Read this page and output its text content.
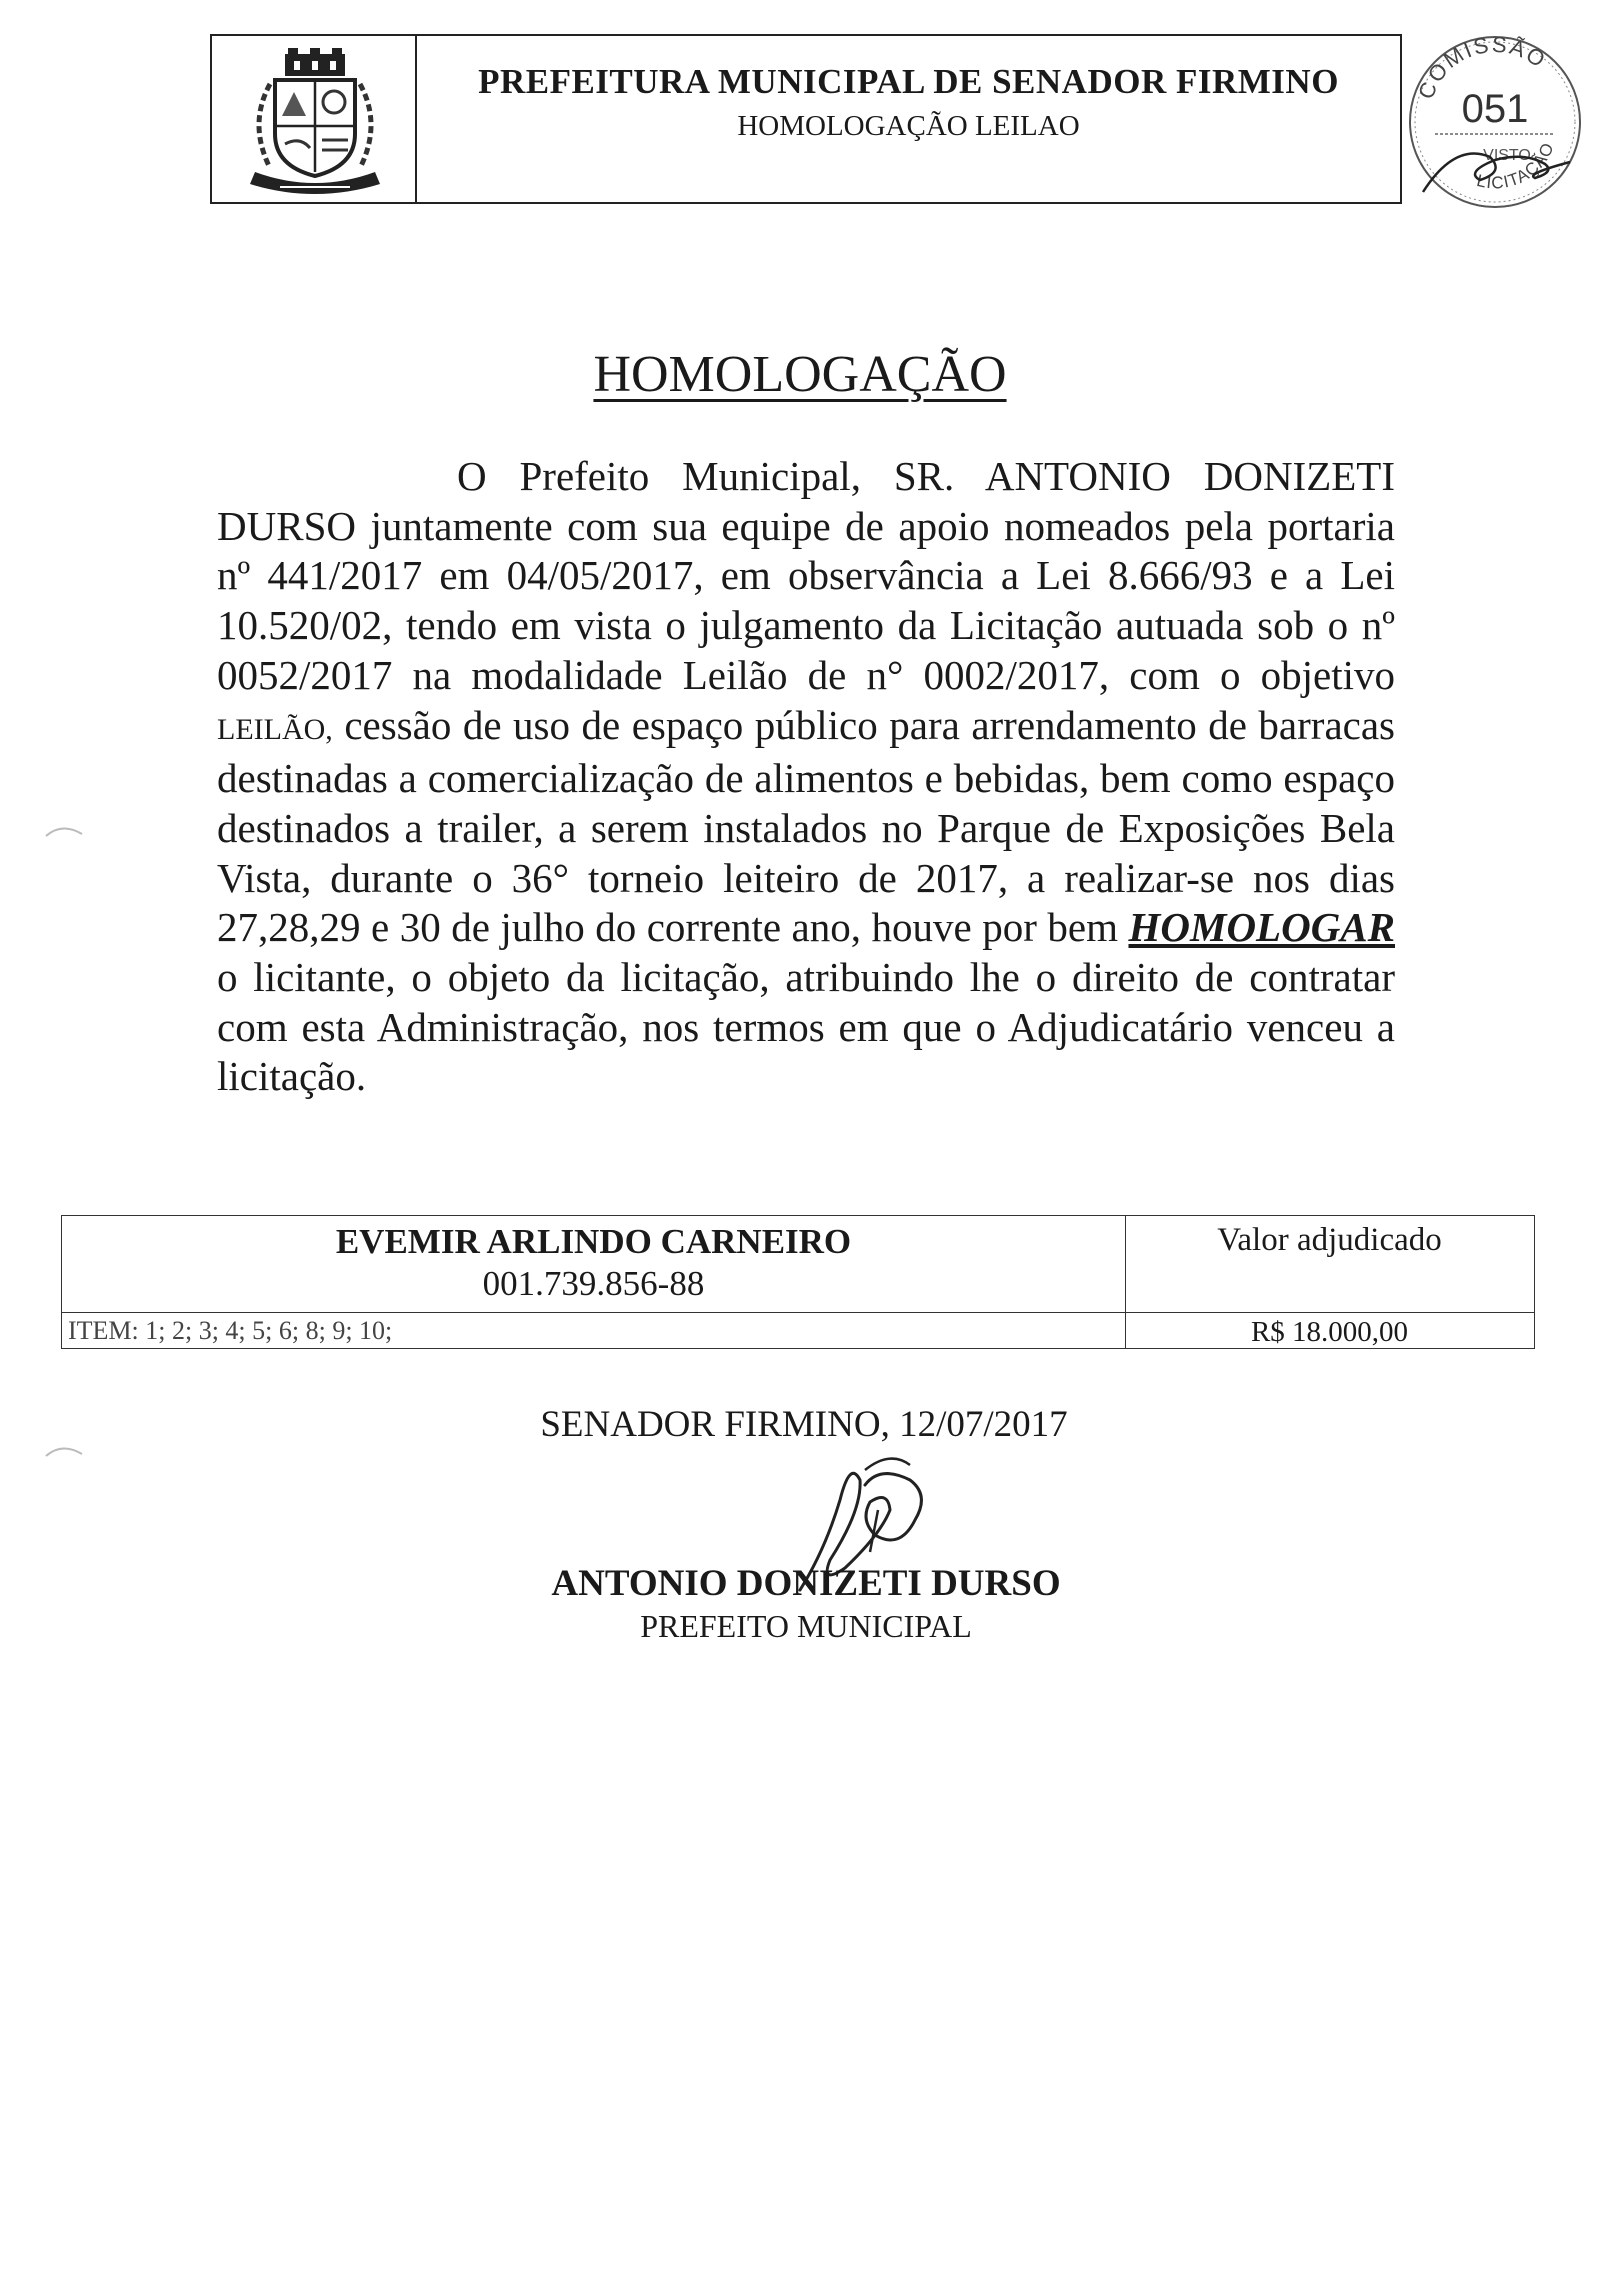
PREFEITURA MUNICIPAL DE SENADOR FIRMINO
HOMOLOGAÇÃO LEILAO
COMISSÃO
LICITAÇÃO
051
VISTO
HOMOLOGAÇÃO
O Prefeito Municipal, SR. ANTONIO DONIZETI DURSO juntamente com sua equipe de apoio nomeados pela portaria nº 441/2017 em 04/05/2017, em observância a Lei 8.666/93 e a Lei 10.520/02, tendo em vista o julgamento da Licitação autuada sob o nº 0052/2017 na modalidade Leilão de n° 0002/2017, com o objetivo LEILÃO, cessão de uso de espaço público para arrendamento de barracas destinadas a comercialização de alimentos e bebidas, bem como espaço destinados a trailer, a serem instalados no Parque de Exposições Bela Vista, durante o 36° torneio leiteiro de 2017, a realizar-se nos dias 27,28,29 e 30 de julho do corrente ano, houve por bem HOMOLOGAR o licitante, o objeto da licitação, atribuindo lhe o direito de contratar com esta Administração, nos termos em que o Adjudicatário venceu a licitação.
EVEMIR ARLINDO CARNEIRO
001.739.856-88
Valor adjudicado
ITEM: 1; 2; 3; 4; 5; 6; 8; 9; 10;	R$ 18.000,00
SENADOR FIRMINO, 12/07/2017
ANTONIO DONIZETI DURSO
PREFEITO MUNICIPAL
